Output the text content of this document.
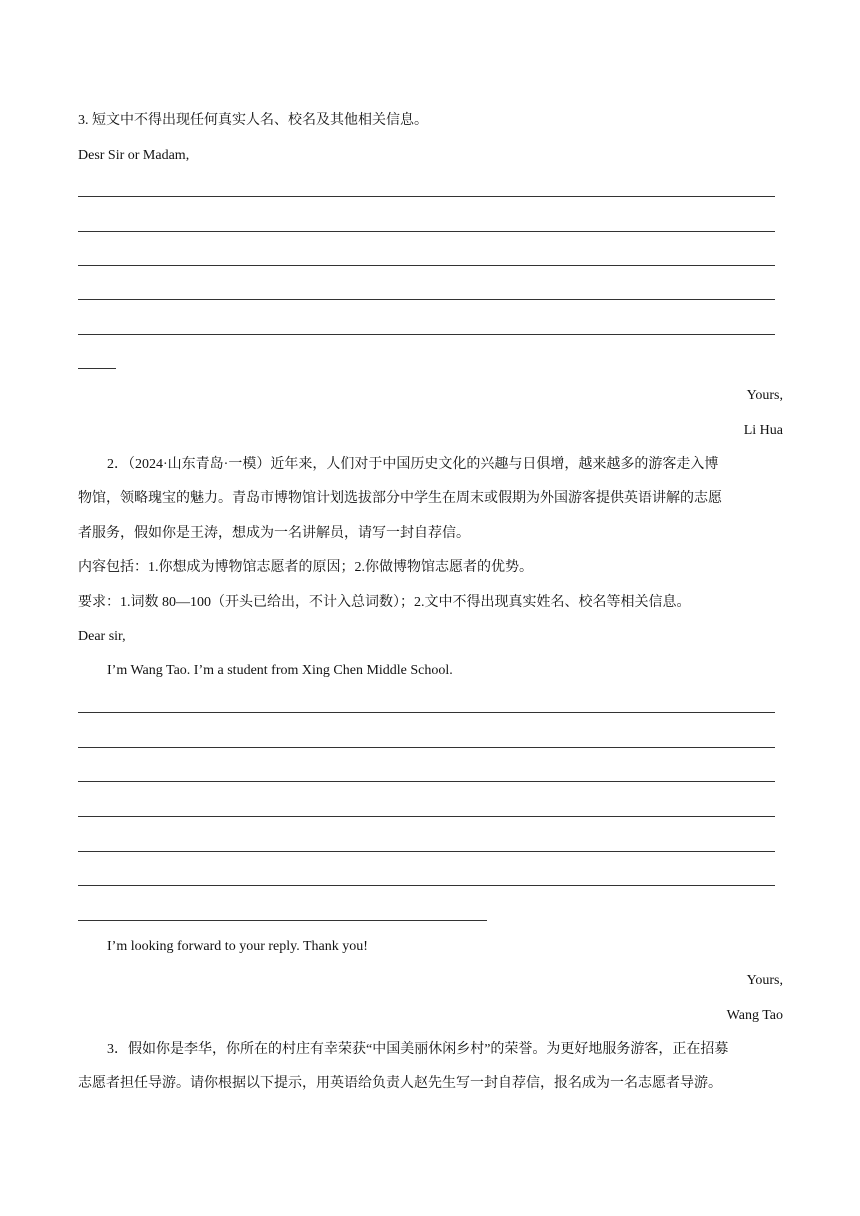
3. 短文中不得出现任何真实人名、校名及其他相关信息。
Desr Sir or Madam,
Yours,
Li Hua
2．（2024·山东青岛·一模）近年来，人们对于中国历史文化的兴趣与日俱增，越来越多的游客走入博
物馆，领略瑰宝的魅力。青岛市博物馆计划选拔部分中学生在周末或假期为外国游客提供英语讲解的志愿
者服务，假如你是王涛，想成为一名讲解员，请写一封自荐信。
内容包括：1.你想成为博物馆志愿者的原因；2.你做博物馆志愿者的优势。
要求：1.词数 80—100（开头已给出，不计入总词数）；2.文中不得出现真实姓名、校名等相关信息。
Dear sir,
I’m Wang Tao. I’m a student from Xing Chen Middle School.
I’m looking forward to your reply. Thank you!
Yours,
Wang Tao
3．假如你是李华，你所在的村庄有幸荣获“中国美丽休闲乡村”的荣誉。为更好地服务游客，正在招募
志愿者担任导游。请你根据以下提示，用英语给负责人赵先生写一封自荐信，报名成为一名志愿者导游。
